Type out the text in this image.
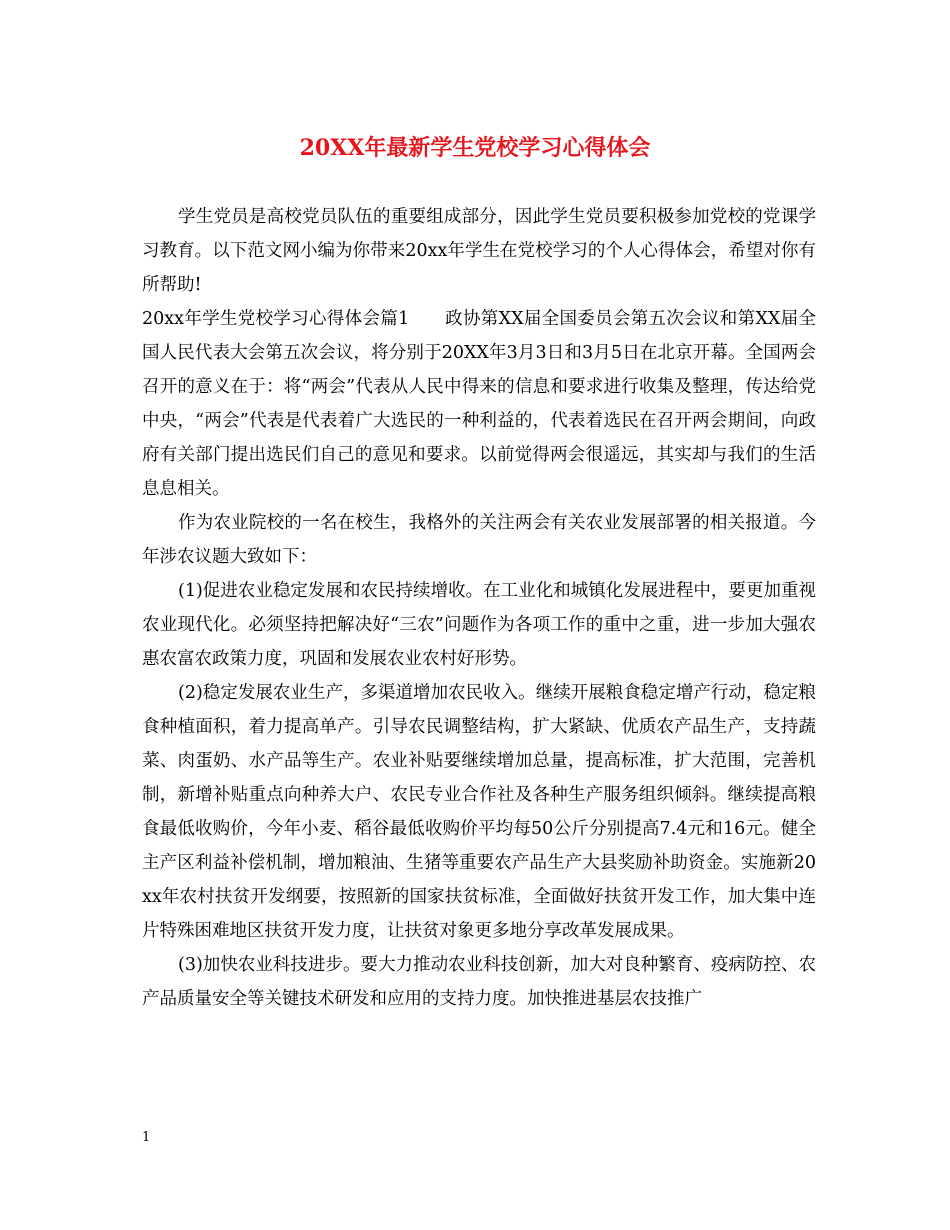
20XX年最新学生党校学习心得体会

学生党员是高校党员队伍的重要组成部分，因此学生党员要积极参加党校的党课学习教育。以下范文网小编为你带来20xx年学生在党校学习的个人心得体会，希望对你有所帮助!

20xx年学生党校学习心得体会篇1　　政协第XX届全国委员会第五次会议和第XX届全国人民代表大会第五次会议，将分别于20XX年3月3日和3月5日在北京开幕。全国两会召开的意义在于：将“两会”代表从人民中得来的信息和要求进行收集及整理，传达给党中央，“两会”代表是代表着广大选民的一种利益的，代表着选民在召开两会期间，向政府有关部门提出选民们自己的意见和要求。以前觉得两会很遥远，其实却与我们的生活息息相关。

作为农业院校的一名在校生，我格外的关注两会有关农业发展部署的相关报道。今年涉农议题大致如下：

(1)促进农业稳定发展和农民持续增收。在工业化和城镇化发展进程中，要更加重视农业现代化。必须坚持把解决好“三农”问题作为各项工作的重中之重，进一步加大强农惠农富农政策力度，巩固和发展农业农村好形势。

(2)稳定发展农业生产，多渠道增加农民收入。继续开展粮食稳定增产行动，稳定粮食种植面积，着力提高单产。引导农民调整结构，扩大紧缺、优质农产品生产，支持蔬菜、肉蛋奶、水产品等生产。农业补贴要继续增加总量，提高标准，扩大范围，完善机制，新增补贴重点向种养大户、农民专业合作社及各种生产服务组织倾斜。继续提高粮食最低收购价，今年小麦、稻谷最低收购价平均每50公斤分别提高7.4元和16元。健全主产区利益补偿机制，增加粮油、生猪等重要农产品生产大县奖励补助资金。实施新20xx年农村扶贫开发纲要，按照新的国家扶贫标准，全面做好扶贫开发工作，加大集中连片特殊困难地区扶贫开发力度，让扶贫对象更多地分享改革发展成果。

(3)加快农业科技进步。要大力推动农业科技创新，加大对良种繁育、疫病防控、农产品质量安全等关键技术研发和应用的支持力度。加快推进基层农技推广

1
